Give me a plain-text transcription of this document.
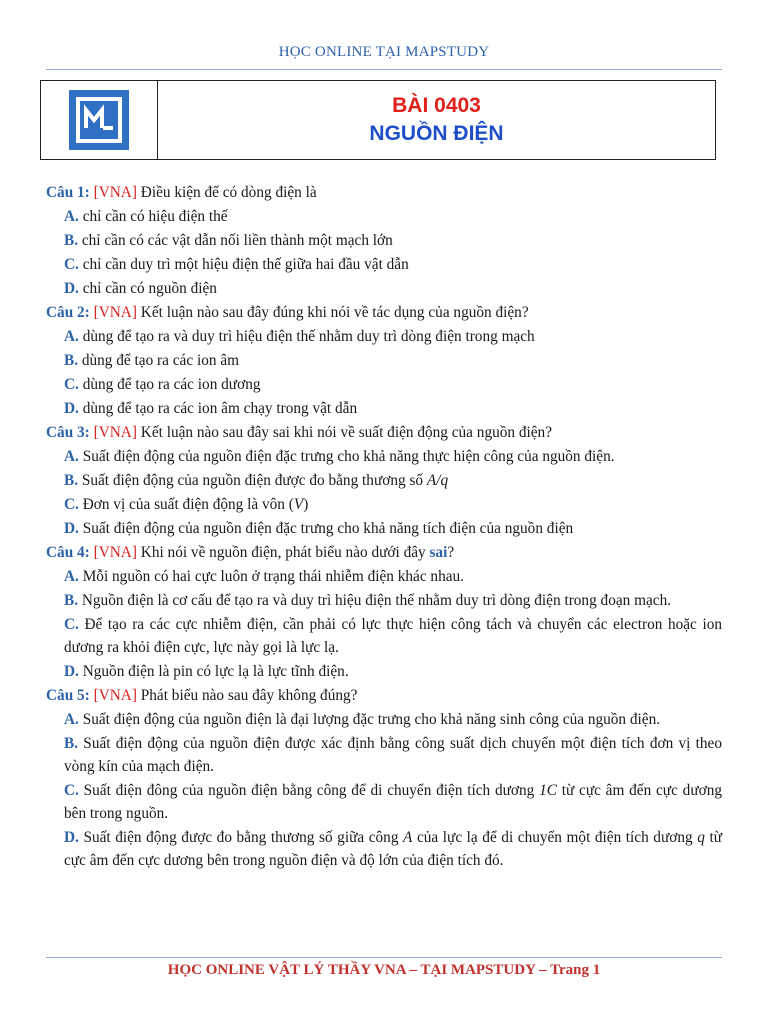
HỌC ONLINE TẠI MAPSTUDY
BÀI 0403
NGUỒN ĐIỆN
Câu 1: [VNA] Điều kiện để có dòng điện là
A. chỉ cần có hiệu điện thế
B. chỉ cần có các vật dẫn nối liền thành một mạch lớn
C. chỉ cần duy trì một hiệu điện thế giữa hai đầu vật dẫn
D. chỉ cần có nguồn điện
Câu 2: [VNA] Kết luận nào sau đây đúng khi nói về tác dụng của nguồn điện?
A. dùng để tạo ra và duy trì hiệu điện thế nhằm duy trì dòng điện trong mạch
B. dùng để tạo ra các ion âm
C. dùng để tạo ra các ion dương
D. dùng để tạo ra các ion âm chạy trong vật dẫn
Câu 3: [VNA] Kết luận nào sau đây sai khi nói về suất điện động của nguồn điện?
A. Suất điện động của nguồn điện đặc trưng cho khả năng thực hiện công của nguồn điện.
B. Suất điện động của nguồn điện được đo bằng thương số A/q
C. Đơn vị của suất điện động là vôn (V)
D. Suất điện động của nguồn điện đặc trưng cho khả năng tích điện của nguồn điện
Câu 4: [VNA] Khi nói về nguồn điện, phát biểu nào dưới đây sai?
A. Mỗi nguồn có hai cực luôn ở trạng thái nhiễm điện khác nhau.
B. Nguồn điện là cơ cấu để tạo ra và duy trì hiệu điện thế nhằm duy trì dòng điện trong đoạn mạch.
C. Để tạo ra các cực nhiễm điện, cần phải có lực thực hiện công tách và chuyển các electron hoặc ion dương ra khỏi điện cực, lực này gọi là lực lạ.
D. Nguồn điện là pin có lực lạ là lực tĩnh điện.
Câu 5: [VNA] Phát biểu nào sau đây không đúng?
A. Suất điện động của nguồn điện là đại lượng đặc trưng cho khả năng sinh công của nguồn điện.
B. Suất điện động của nguồn điện được xác định bằng công suất dịch chuyển một điện tích đơn vị theo vòng kín của mạch điện.
C. Suất điện đông của nguồn điện bằng công để di chuyển điện tích dương 1C từ cực âm đến cực dương bên trong nguồn.
D. Suất điện động được đo bằng thương số giữa công A của lực lạ để di chuyển một điện tích dương q từ cực âm đến cực dương bên trong nguồn điện và độ lớn của điện tích đó.
HỌC ONLINE VẬT LÝ THẦY VNA – TẠI MAPSTUDY – Trang 1
